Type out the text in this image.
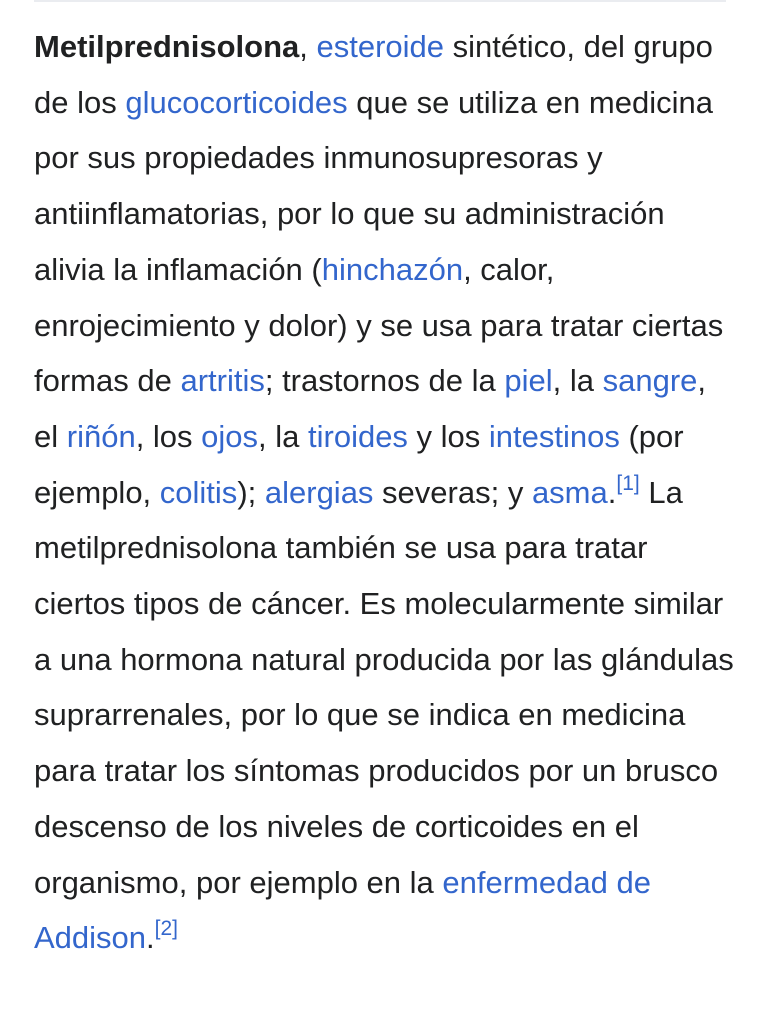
Metilprednisolona, esteroide sintético, del grupo de los glucocorticoides que se utiliza en medicina por sus propiedades inmunosupresoras y antiinflamatorias, por lo que su administración alivia la inflamación (hinchazón, calor, enrojecimiento y dolor) y se usa para tratar ciertas formas de artritis; trastornos de la piel, la sangre, el riñón, los ojos, la tiroides y los intestinos (por ejemplo, colitis); alergias severas; y asma.[1] La metilprednisolona también se usa para tratar ciertos tipos de cáncer. Es molecularmente similar a una hormona natural producida por las glándulas suprarrenales, por lo que se indica en medicina para tratar los síntomas producidos por un brusco descenso de los niveles de corticoides en el organismo, por ejemplo en la enfermedad de Addison.[2]
